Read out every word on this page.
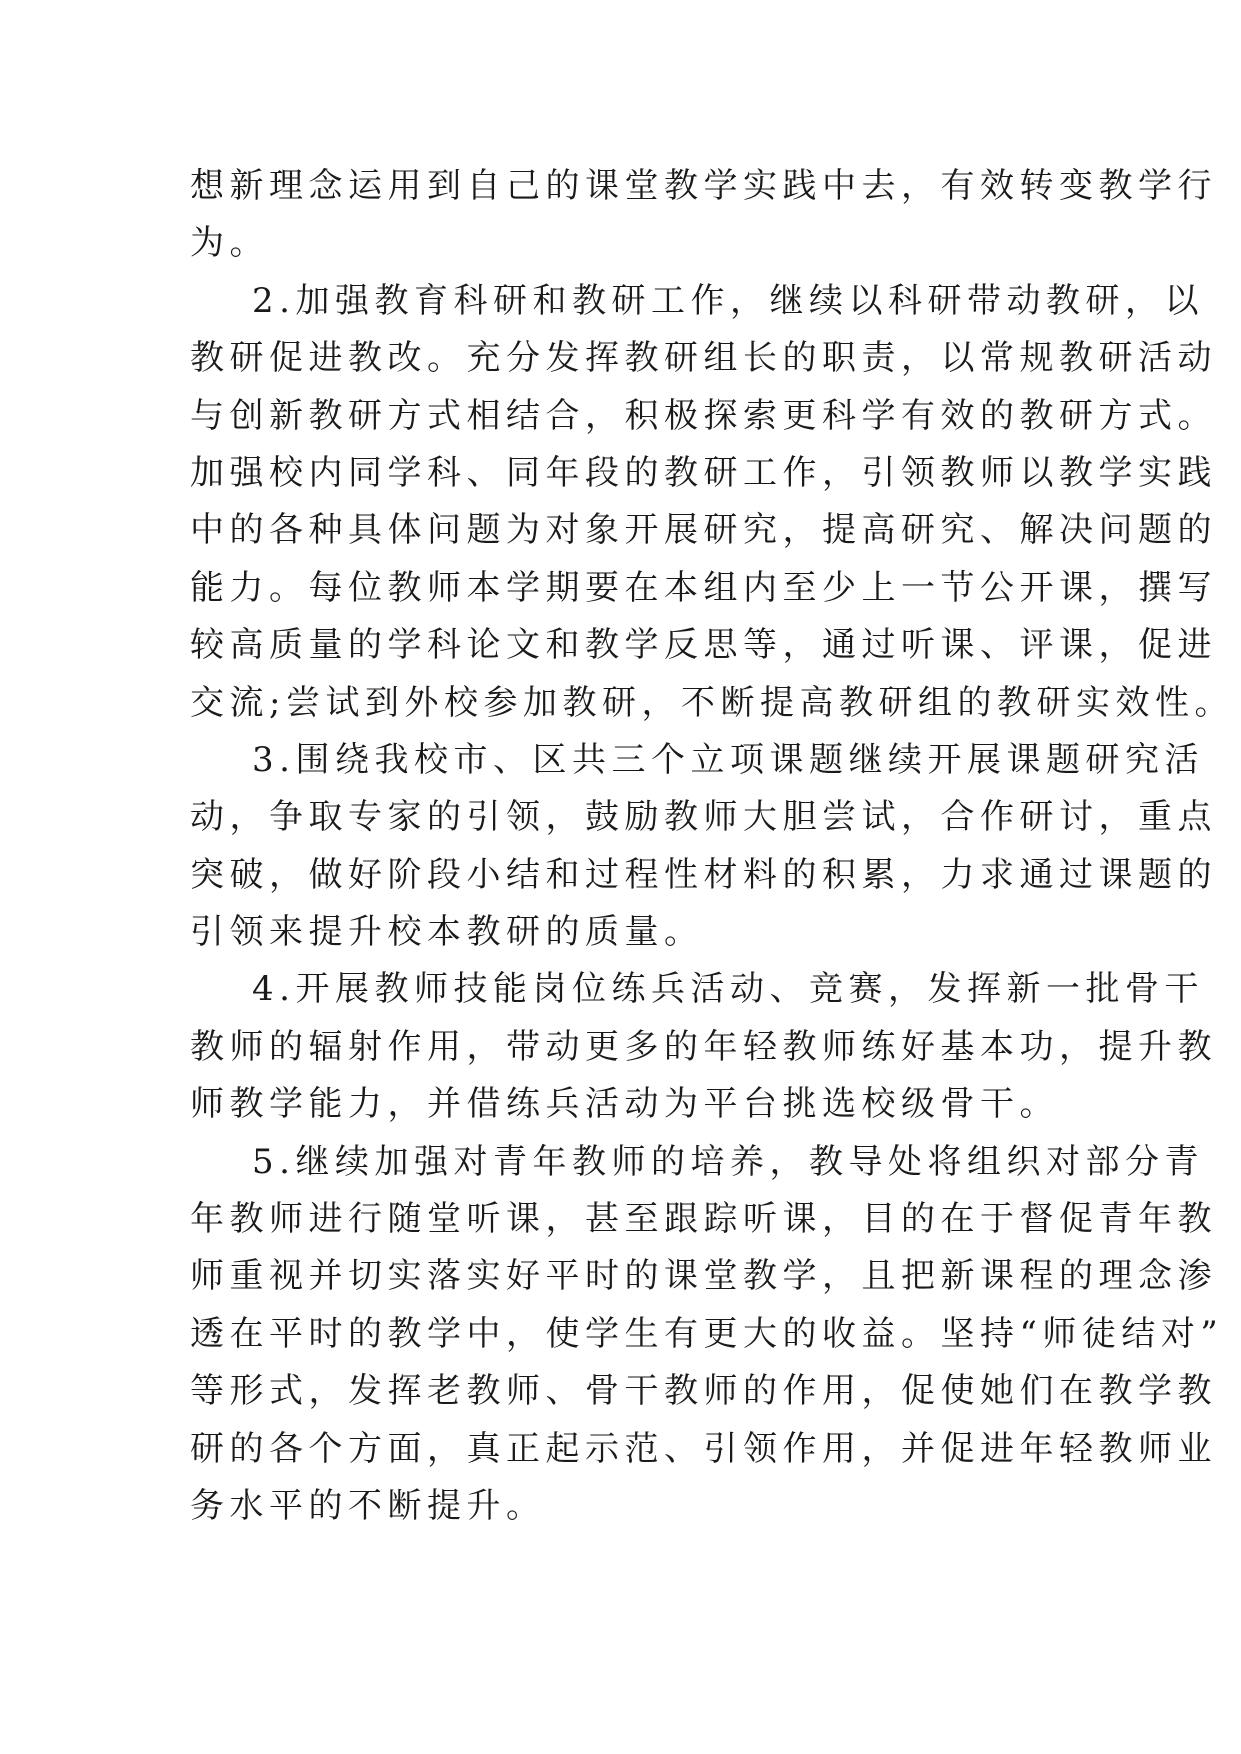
想新理念运用到自己的课堂教学实践中去，有效转变教学行
为。
2.加强教育科研和教研工作，继续以科研带动教研，以
教研促进教改。充分发挥教研组长的职责，以常规教研活动
与创新教研方式相结合，积极探索更科学有效的教研方式。
加强校内同学科、同年段的教研工作，引领教师以教学实践
中的各种具体问题为对象开展研究，提高研究、解决问题的
能力。每位教师本学期要在本组内至少上一节公开课，撰写
较高质量的学科论文和教学反思等，通过听课、评课，促进
交流;尝试到外校参加教研，不断提高教研组的教研实效性。
3.围绕我校市、区共三个立项课题继续开展课题研究活
动，争取专家的引领，鼓励教师大胆尝试，合作研讨，重点
突破，做好阶段小结和过程性材料的积累，力求通过课题的
引领来提升校本教研的质量。
4.开展教师技能岗位练兵活动、竞赛，发挥新一批骨干
教师的辐射作用，带动更多的年轻教师练好基本功，提升教
师教学能力，并借练兵活动为平台挑选校级骨干。
5.继续加强对青年教师的培养，教导处将组织对部分青
年教师进行随堂听课，甚至跟踪听课，目的在于督促青年教
师重视并切实落实好平时的课堂教学，且把新课程的理念渗
透在平时的教学中，使学生有更大的收益。坚持“师徒结对”
等形式，发挥老教师、骨干教师的作用，促使她们在教学教
研的各个方面，真正起示范、引领作用，并促进年轻教师业
务水平的不断提升。
